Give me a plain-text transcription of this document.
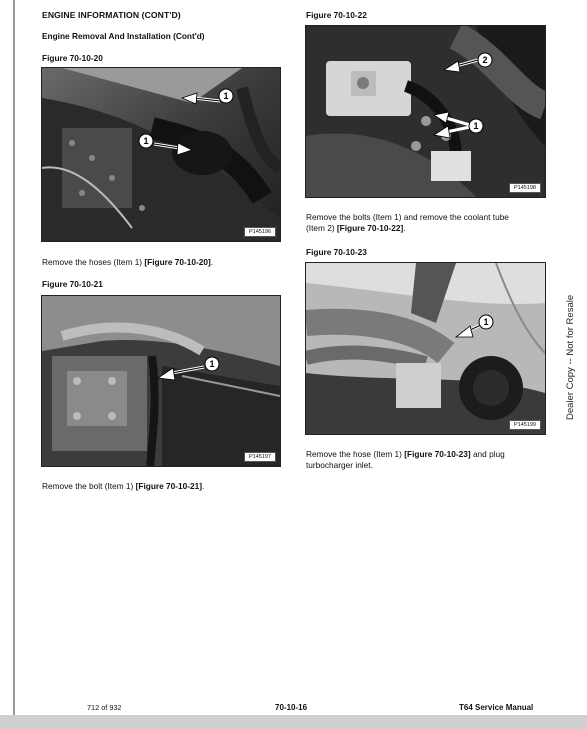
ENGINE INFORMATION (CONT'D)
Engine Removal And Installation (Cont'd)
Figure 70-10-20
1
1
P145196
Remove the hoses (Item 1) [Figure 70-10-20].
Figure 70-10-21
1
P145197
Remove the bolt (Item 1) [Figure 70-10-21].
Figure 70-10-22
2
1
P145198
Remove the bolts (Item 1) and remove the coolant tube
(Item 2) [Figure 70-10-22].
Figure 70-10-23
1
P145199
Remove the hose (Item 1) [Figure 70-10-23] and plug
turbocharger inlet.
Dealer Copy -- Not for Resale
712 of 932	70-10-16	T64 Service Manual
